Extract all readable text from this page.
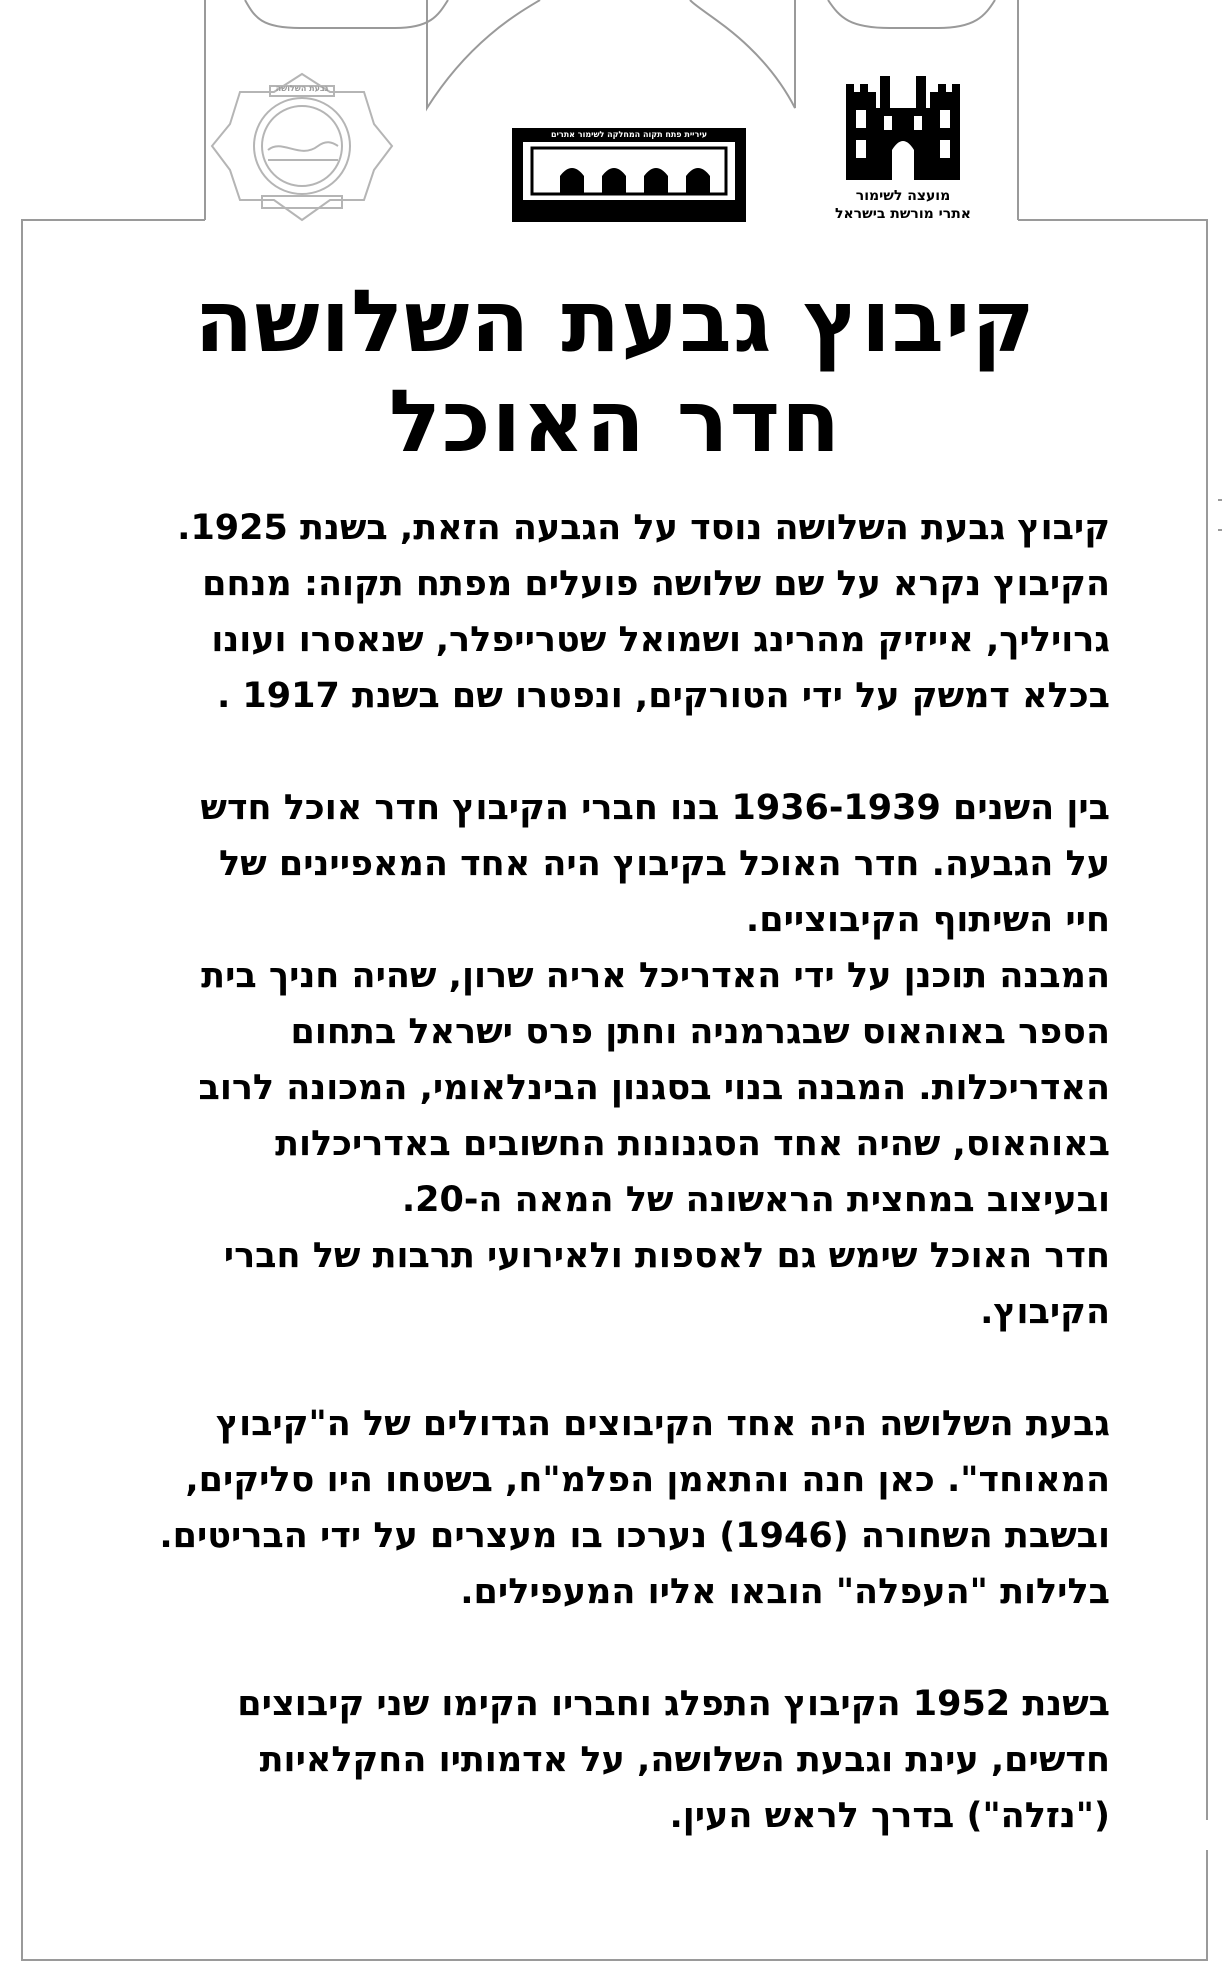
עיריית פתח תקוה המחלקה לשימור אתרים
מועצה לשימור
אתרי מורשת בישראל
גבעת השלושה
קיבוץ גבעת השלושה
חדר האוכל
קיבוץ גבעת השלושה נוסד על הגבעה הזאת, בשנת 1925.
הקיבוץ נקרא על שם שלושה פועלים מפתח תקוה: מנחם
גרויליך, אייזיק מהרינג ושמואל שטרייפלר, שנאסרו ועונו
בכלא דמשק על ידי הטורקים, ונפטרו שם בשנת 1917 .
בין השנים 1936-1939 בנו חברי הקיבוץ חדר אוכל חדש
על הגבעה. חדר האוכל בקיבוץ היה אחד המאפיינים של
חיי השיתוף הקיבוציים.
המבנה תוכנן על ידי האדריכל אריה שרון, שהיה חניך בית
הספר באוהאוס שבגרמניה וחתן פרס ישראל בתחום
האדריכלות. המבנה בנוי בסגנון הבינלאומי, המכונה לרוב
באוהאוס, שהיה אחד הסגנונות החשובים באדריכלות
ובעיצוב במחצית הראשונה של המאה ה-20.
חדר האוכל שימש גם לאספות ולאירועי תרבות של חברי
הקיבוץ.
גבעת השלושה היה אחד הקיבוצים הגדולים של ה"קיבוץ
המאוחד". כאן חנה והתאמן הפלמ"ח, בשטחו היו סליקים,
ובשבת השחורה (1946) נערכו בו מעצרים על ידי הבריטים.
בלילות "העפלה" הובאו אליו המעפילים.
בשנת 1952 הקיבוץ התפלג וחבריו הקימו שני קיבוצים
חדשים, עינת וגבעת השלושה, על אדמותיו החקלאיות
("נזלה") בדרך לראש העין.
